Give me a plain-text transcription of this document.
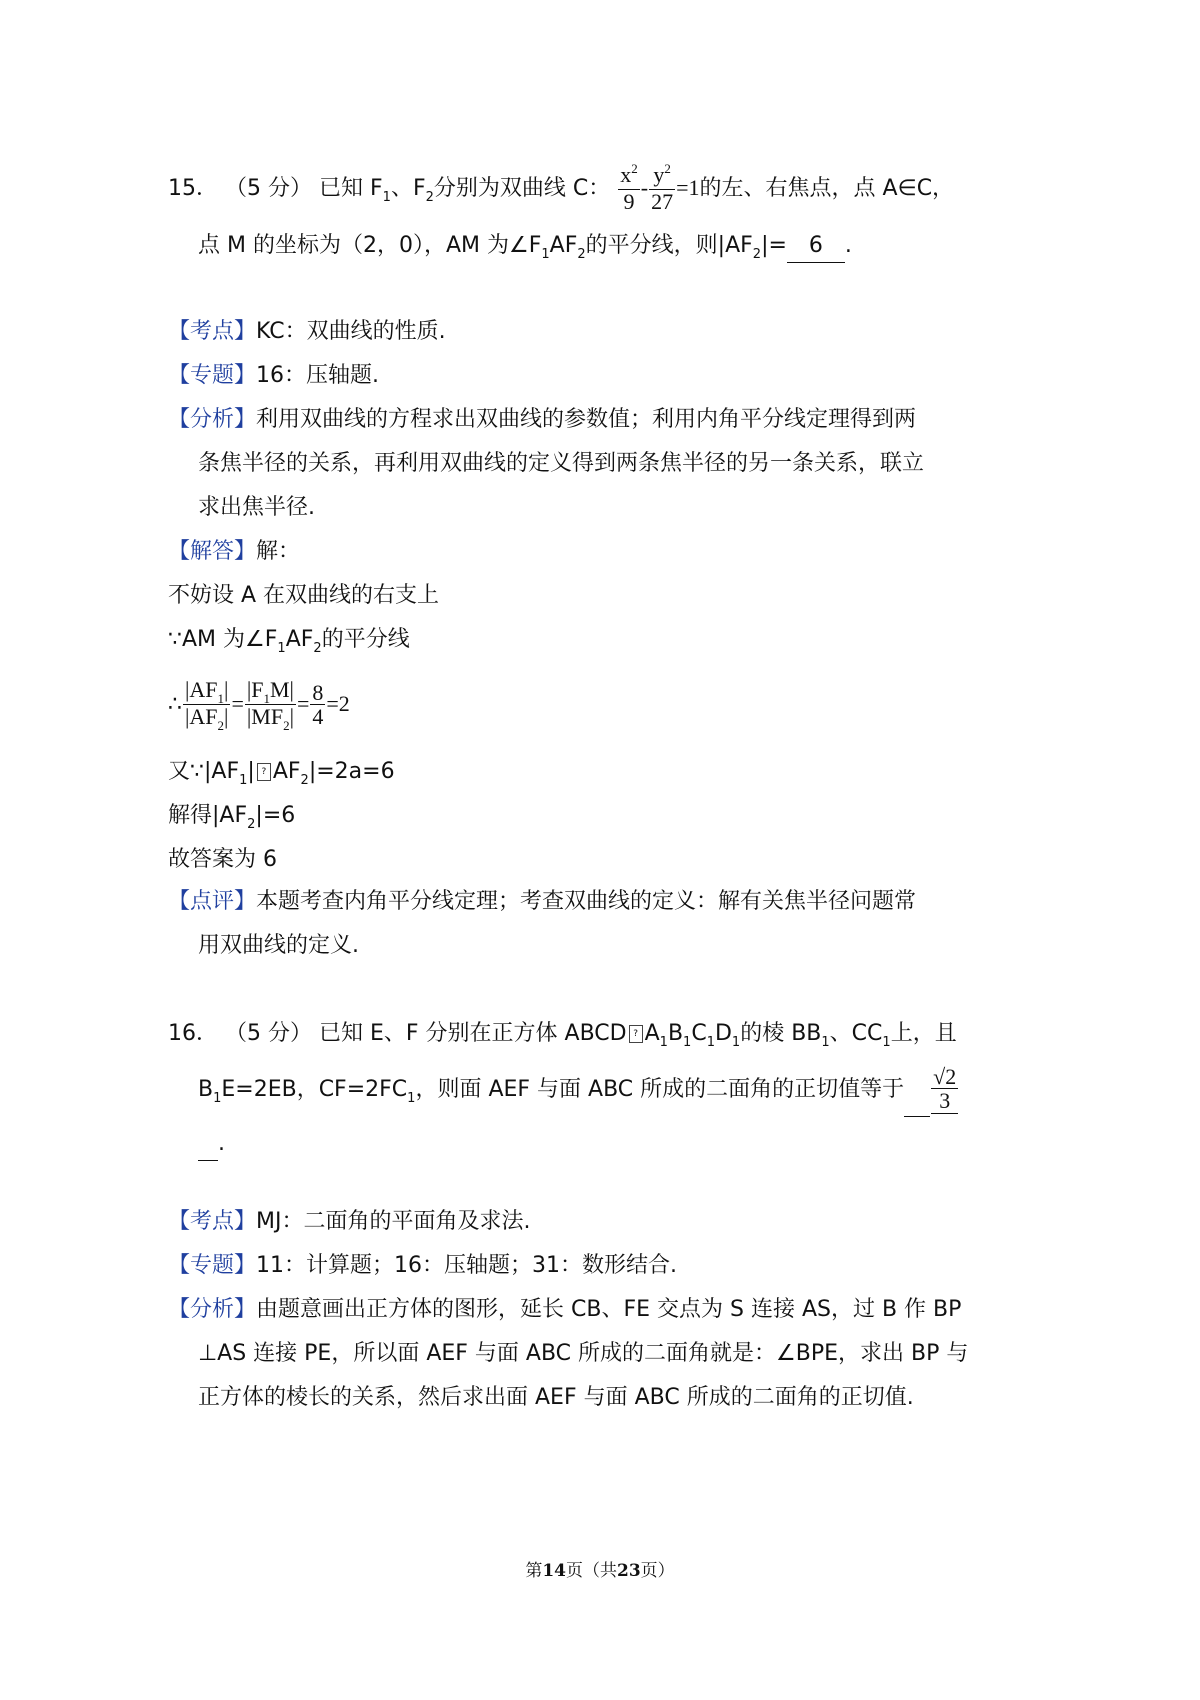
15． （5 分） 已知 $F_1$、$F_2$分别为双曲线 C： $\frac{x^2}{9} - \frac{y^2}{27} =1$的左、右焦点，点 A∈C，
点 M 的坐标为（2，0），AM 为$\angle F_1AF_2$的平分线，则$|AF_2|= 6$ .
【考点】KC：双曲线的性质.
【专题】16：压轴题.
【分析】利用双曲线的方程求出双曲线的参数值；利用内角平分线定理得到两
条焦半径的关系，再利用双曲线的定义得到两条焦半径的另一条关系，联立
求出焦半径.
【解答】解：
不妨设 A 在双曲线的右支上
∵AM 为$\angle F_1AF_2$的平分线
∴ $\frac{|AF_1|}{|AF_2|} = \frac{|F_1M|}{|MF_2|} = \frac{8}{4} =2$
又$\because|AF_1|$ ? $AF_2|=2a=6$
解得$|AF_2|=6$
故答案为 6
【点评】本题考查内角平分线定理；考查双曲线的定义：解有关焦半径问题常
用双曲线的定义.
16． （5 分） 已知 E、F 分别在正方体 ABCD ? $A_1B_1C_1D_1$的棱 $BB_1$、$CC_1$上，且
$B_1E=2EB$，$CF=2FC_1$，则面 AEF 与面 ABC 所成的二面角的正切值等于 $\frac{√2}{3}$
.
【考点】MJ：二面角的平面角及求法.
【专题】11：计算题；16：压轴题；31：数形结合.
【分析】由题意画出正方体的图形，延长 CB、FE 交点为 S 连接 AS，过 B 作 BP
⊥AS 连接 PE，所以面 AEF 与面 ABC 所成的二面角就是：∠BPE，求出 BP 与
正方体的棱长的关系，然后求出面 AEF 与面 ABC 所成的二面角的正切值.
第14页（共23页）
